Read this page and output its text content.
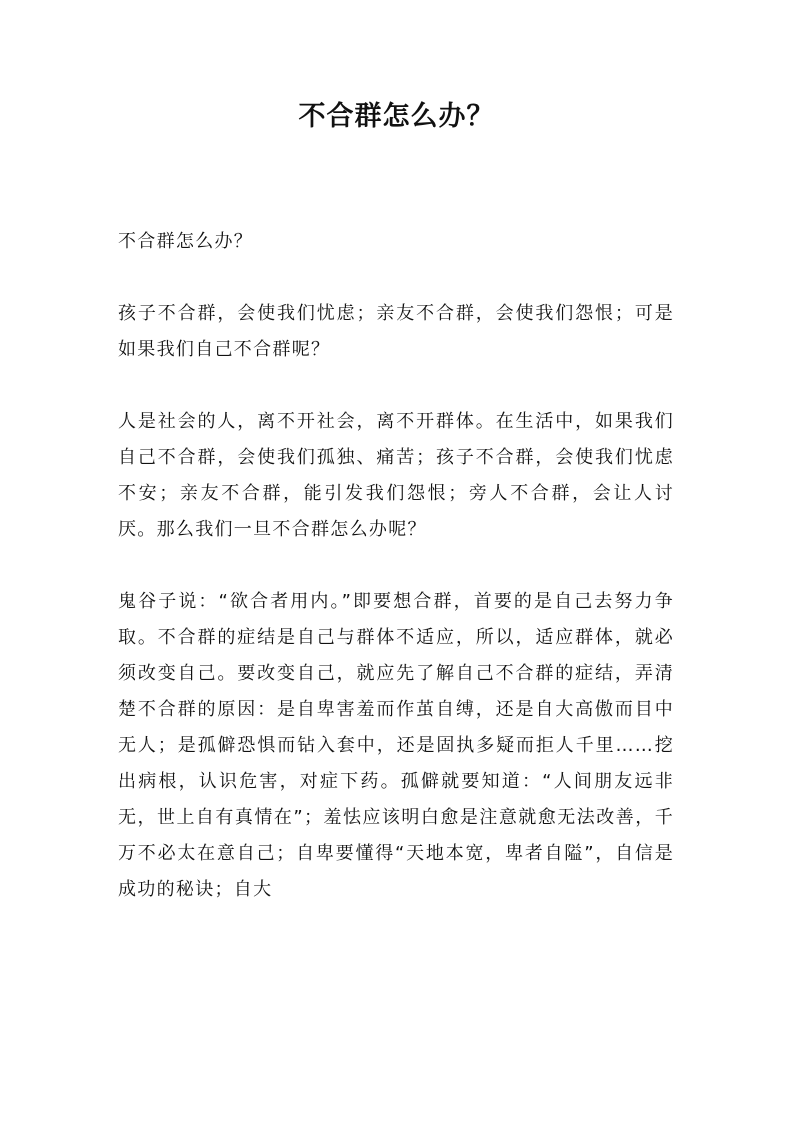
不合群怎么办？

不合群怎么办？

孩子不合群，会使我们忧虑；亲友不合群，会使我们怨恨；可是如果我们自己不合群呢？

人是社会的人，离不开社会，离不开群体。在生活中，如果我们自己不合群，会使我们孤独、痛苦；孩子不合群，会使我们忧虑不安；亲友不合群，能引发我们怨恨；旁人不合群，会让人讨厌。那么我们一旦不合群怎么办呢？

鬼谷子说：“欲合者用内。”即要想合群，首要的是自己去努力争取。不合群的症结是自己与群体不适应，所以，适应群体，就必须改变自己。要改变自己，就应先了解自己不合群的症结，弄清楚不合群的原因：是自卑害羞而作茧自缚，还是自大高傲而目中无人；是孤僻恐惧而钻入套中，还是固执多疑而拒人千里……挖出病根，认识危害，对症下药。孤僻就要知道：“人间朋友远非无，世上自有真情在”；羞怯应该明白愈是注意就愈无法改善，千万不必太在意自己；自卑要懂得“天地本宽，卑者自隘”，自信是成功的秘诀；自大
